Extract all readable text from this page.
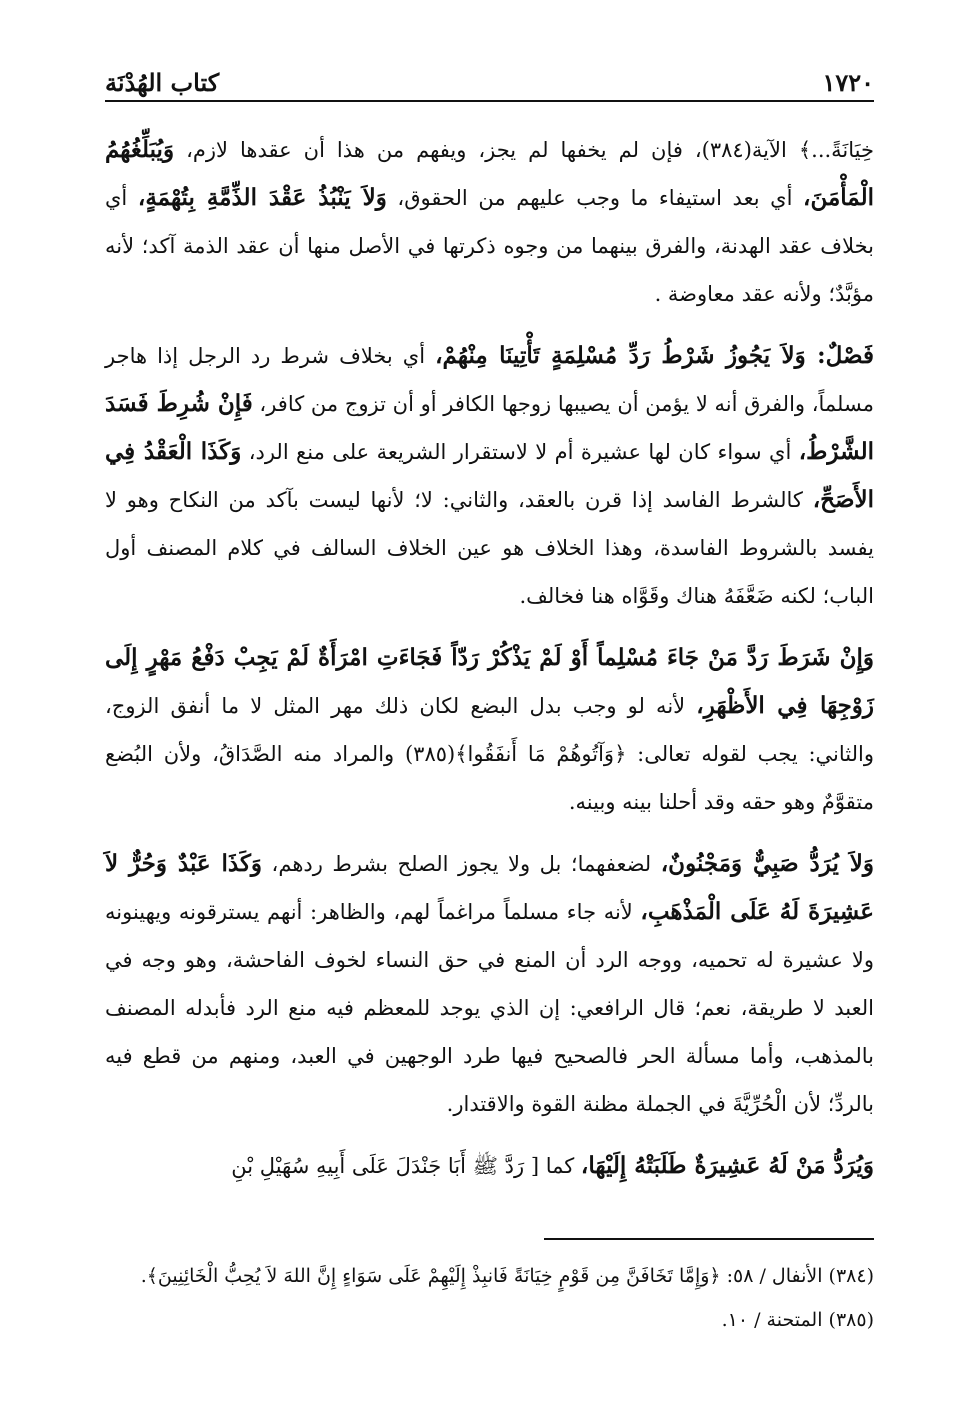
١٧٢٠
كتاب الهُدْنَة

خِيَانَةً...﴾ الآية(٣٨٤)، فإن لم يخفها لم يجز، ويفهم من هذا أن عقدها لازم، وَيُبَلِّغُهُمُ الْمَأْمَنَ، أي بعد استيفاء ما وجب عليهم من الحقوق، وَلاَ يَنْبُذُ عَقْدَ الذِّمَّةِ بِتُهْمَةٍ، أي بخلاف عقد الهدنة، والفرق بينهما من وجوه ذكرتها في الأصل منها أن عقد الذمة آكد؛ لأنه مؤبَّدٌ؛ ولأنه عقد معاوضة .

فَصْلٌ: وَلاَ يَجُوزُ شَرْطُ رَدِّ مُسْلِمَةٍ تَأْتِينَا مِنْهُمْ، أي بخلاف شرط رد الرجل إذا هاجر مسلماً، والفرق أنه لا يؤمن أن يصيبها زوجها الكافر أو أن تزوج من كافر، فَإِنْ شُرِطَ فَسَدَ الشَّرْطُ، أي سواء كان لها عشيرة أم لا لاستقرار الشريعة على منع الرد، وَكَذَا الْعَقْدُ فِي الأَصَحِّ، كالشرط الفاسد إذا قرن بالعقد، والثاني: لا؛ لأنها ليست بآكد من النكاح وهو لا يفسد بالشروط الفاسدة، وهذا الخلاف هو عين الخلاف السالف في كلام المصنف أول الباب؛ لكنه ضَعَّفَهُ هناك وقَوَّاه هنا فخالف.

وَإِنْ شَرَطَ رَدَّ مَنْ جَاءَ مُسْلِماً أَوْ لَمْ يَذْكُرْ رَدّاً فَجَاءَتِ امْرَأَةٌ لَمْ يَجِبْ دَفْعُ مَهْرٍ إِلَى زَوْجِهَا فِي الأَظْهَرِ، لأنه لو وجب بدل البضع لكان ذلك مهر المثل لا ما أنفق الزوج، والثاني: يجب لقوله تعالى: ﴿وَآتُوهُمْ مَا أَنفَقُوا﴾(٣٨٥) والمراد منه الصَّدَاقُ، ولأن البُضع متقوَّمٌ وهو حقه وقد أحلنا بينه وبينه.

وَلاَ يُرَدُّ صَبِيٌّ وَمَجْنُونٌ، لضعفهما؛ بل ولا يجوز الصلح بشرط ردهم، وَكَذَا عَبْدٌ وَحُرٌّ لاَ عَشِيرَةَ لَهُ عَلَى الْمَذْهَبِ، لأنه جاء مسلماً مراغماً لهم، والظاهر: أنهم يسترقونه ويهينونه ولا عشيرة له تحميه، ووجه الرد أن المنع في حق النساء لخوف الفاحشة، وهو وجه في العبد لا طريقة، نعم؛ قال الرافعي: إن الذي يوجد للمعظم فيه منع الرد فأبدله المصنف بالمذهب، وأما مسألة الحر فالصحيح فيها طرد الوجهين في العبد، ومنهم من قطع فيه بالردِّ؛ لأن الْحُرِّيَّةَ في الجملة مظنة القوة والاقتدار.

وَيُرَدُّ مَنْ لَهُ عَشِيرَةٌ طَلَبَتْهُ إِلَيْهَا، كما [ رَدَّ ﷺ أَبَا جَنْدَلَ عَلَى أَبِيهِ سُهَيْلِ بْنِ

(٣٨٤) الأنفال / ٥٨: ﴿وَإِمَّا تَخَافَنَّ مِن قَوْمٍ خِيَانَةً فَانبِذْ إِلَيْهِمْ عَلَى سَوَاءٍ إِنَّ اللهَ لاَ يُحِبُّ الْخَائِنِينَ﴾.

(٣٨٥) المتحنة / ١٠.
